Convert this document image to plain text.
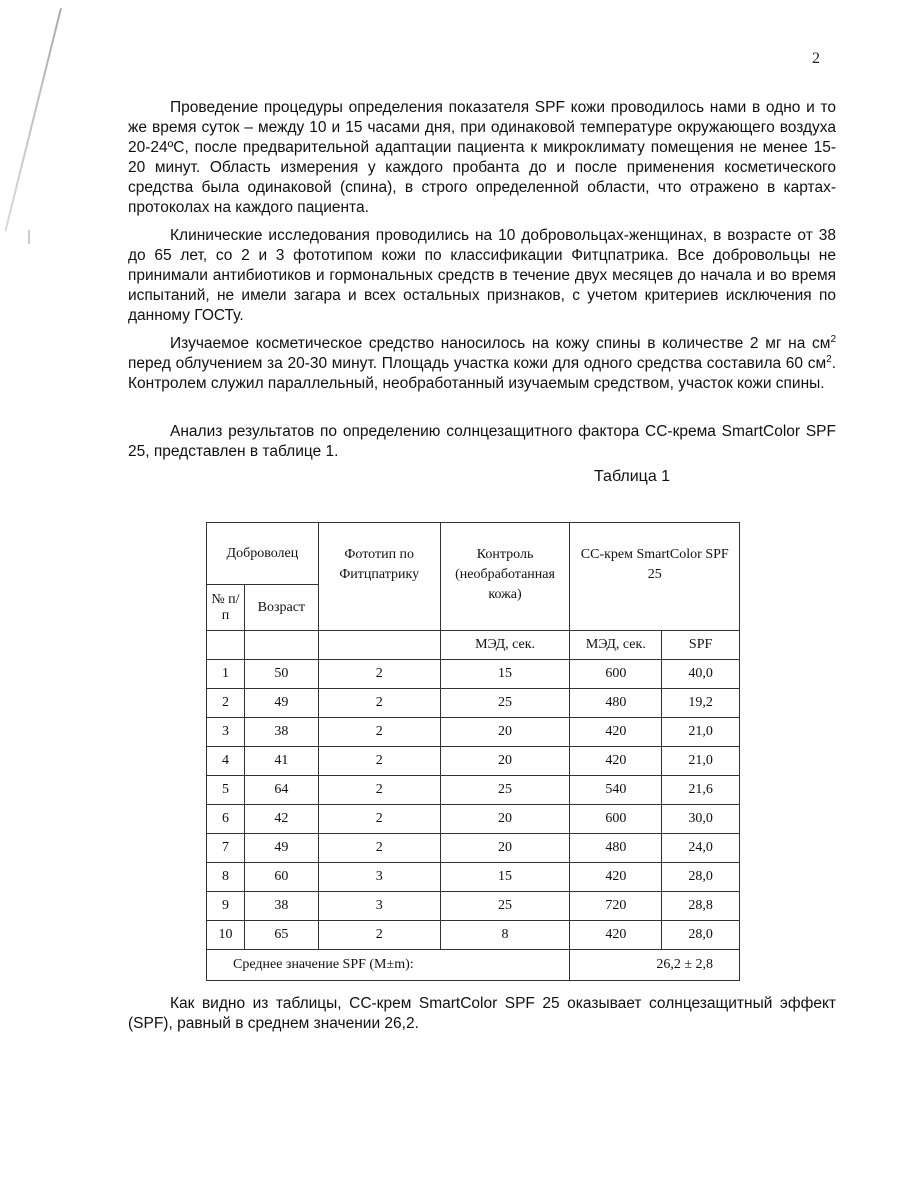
2

Проведение процедуры определения показателя SPF кожи проводилось нами в одно и то же время суток – между 10 и 15 часами дня, при одинаковой температуре окружающего воздуха 20-24ºС, после предварительной адаптации пациента к микроклимату помещения не менее 15-20 минут. Область измерения у каждого пробанта до и после применения косметического средства была одинаковой (спина), в строго определенной области, что отражено в картах-протоколах на каждого пациента.

Клинические исследования проводились на 10 добровольцах-женщинах, в возрасте от 38 до 65 лет, со 2 и 3 фототипом кожи по классификации Фитцпатрика. Все добровольцы не принимали антибиотиков и гормональных средств в течение двух месяцев до начала и во время испытаний, не имели загара и всех остальных признаков, с учетом критериев исключения по данному ГОСТу.

Изучаемое косметическое средство наносилось на кожу спины в количестве 2 мг на $см^2$ перед облучением за 20-30 минут. Площадь участка кожи для одного средства составила 60 $см^2$. Контролем служил параллельный, необработанный изучаемым средством, участок кожи спины.

Анализ результатов по определению солнцезащитного фактора СС-крема SmartColor SPF 25, представлен в таблице 1.

Таблица 1
Доброволец		Фототип по Фитцпатрику	Контроль (необработанная кожа)	СС-крем SmartColor SPF 25	
№ п/п	Возраст				
			МЭД, сек.	МЭД, сек.	SPF
1	50	2	15	600	40,0
2	49	2	25	480	19,2
3	38	2	20	420	21,0
4	41	2	20	420	21,0
5	64	2	25	540	21,6
6	42	2	20	600	30,0
7	49	2	20	480	24,0
8	60	3	15	420	28,0
9	38	3	25	720	28,8
10	65	2	8	420	28,0
Среднее значение SPF (M±m):				26,2 ± 2,8	

Как видно из таблицы, СС-крем SmartColor SPF 25 оказывает солнцезащитный эффект (SPF), равный в среднем значении 26,2.
